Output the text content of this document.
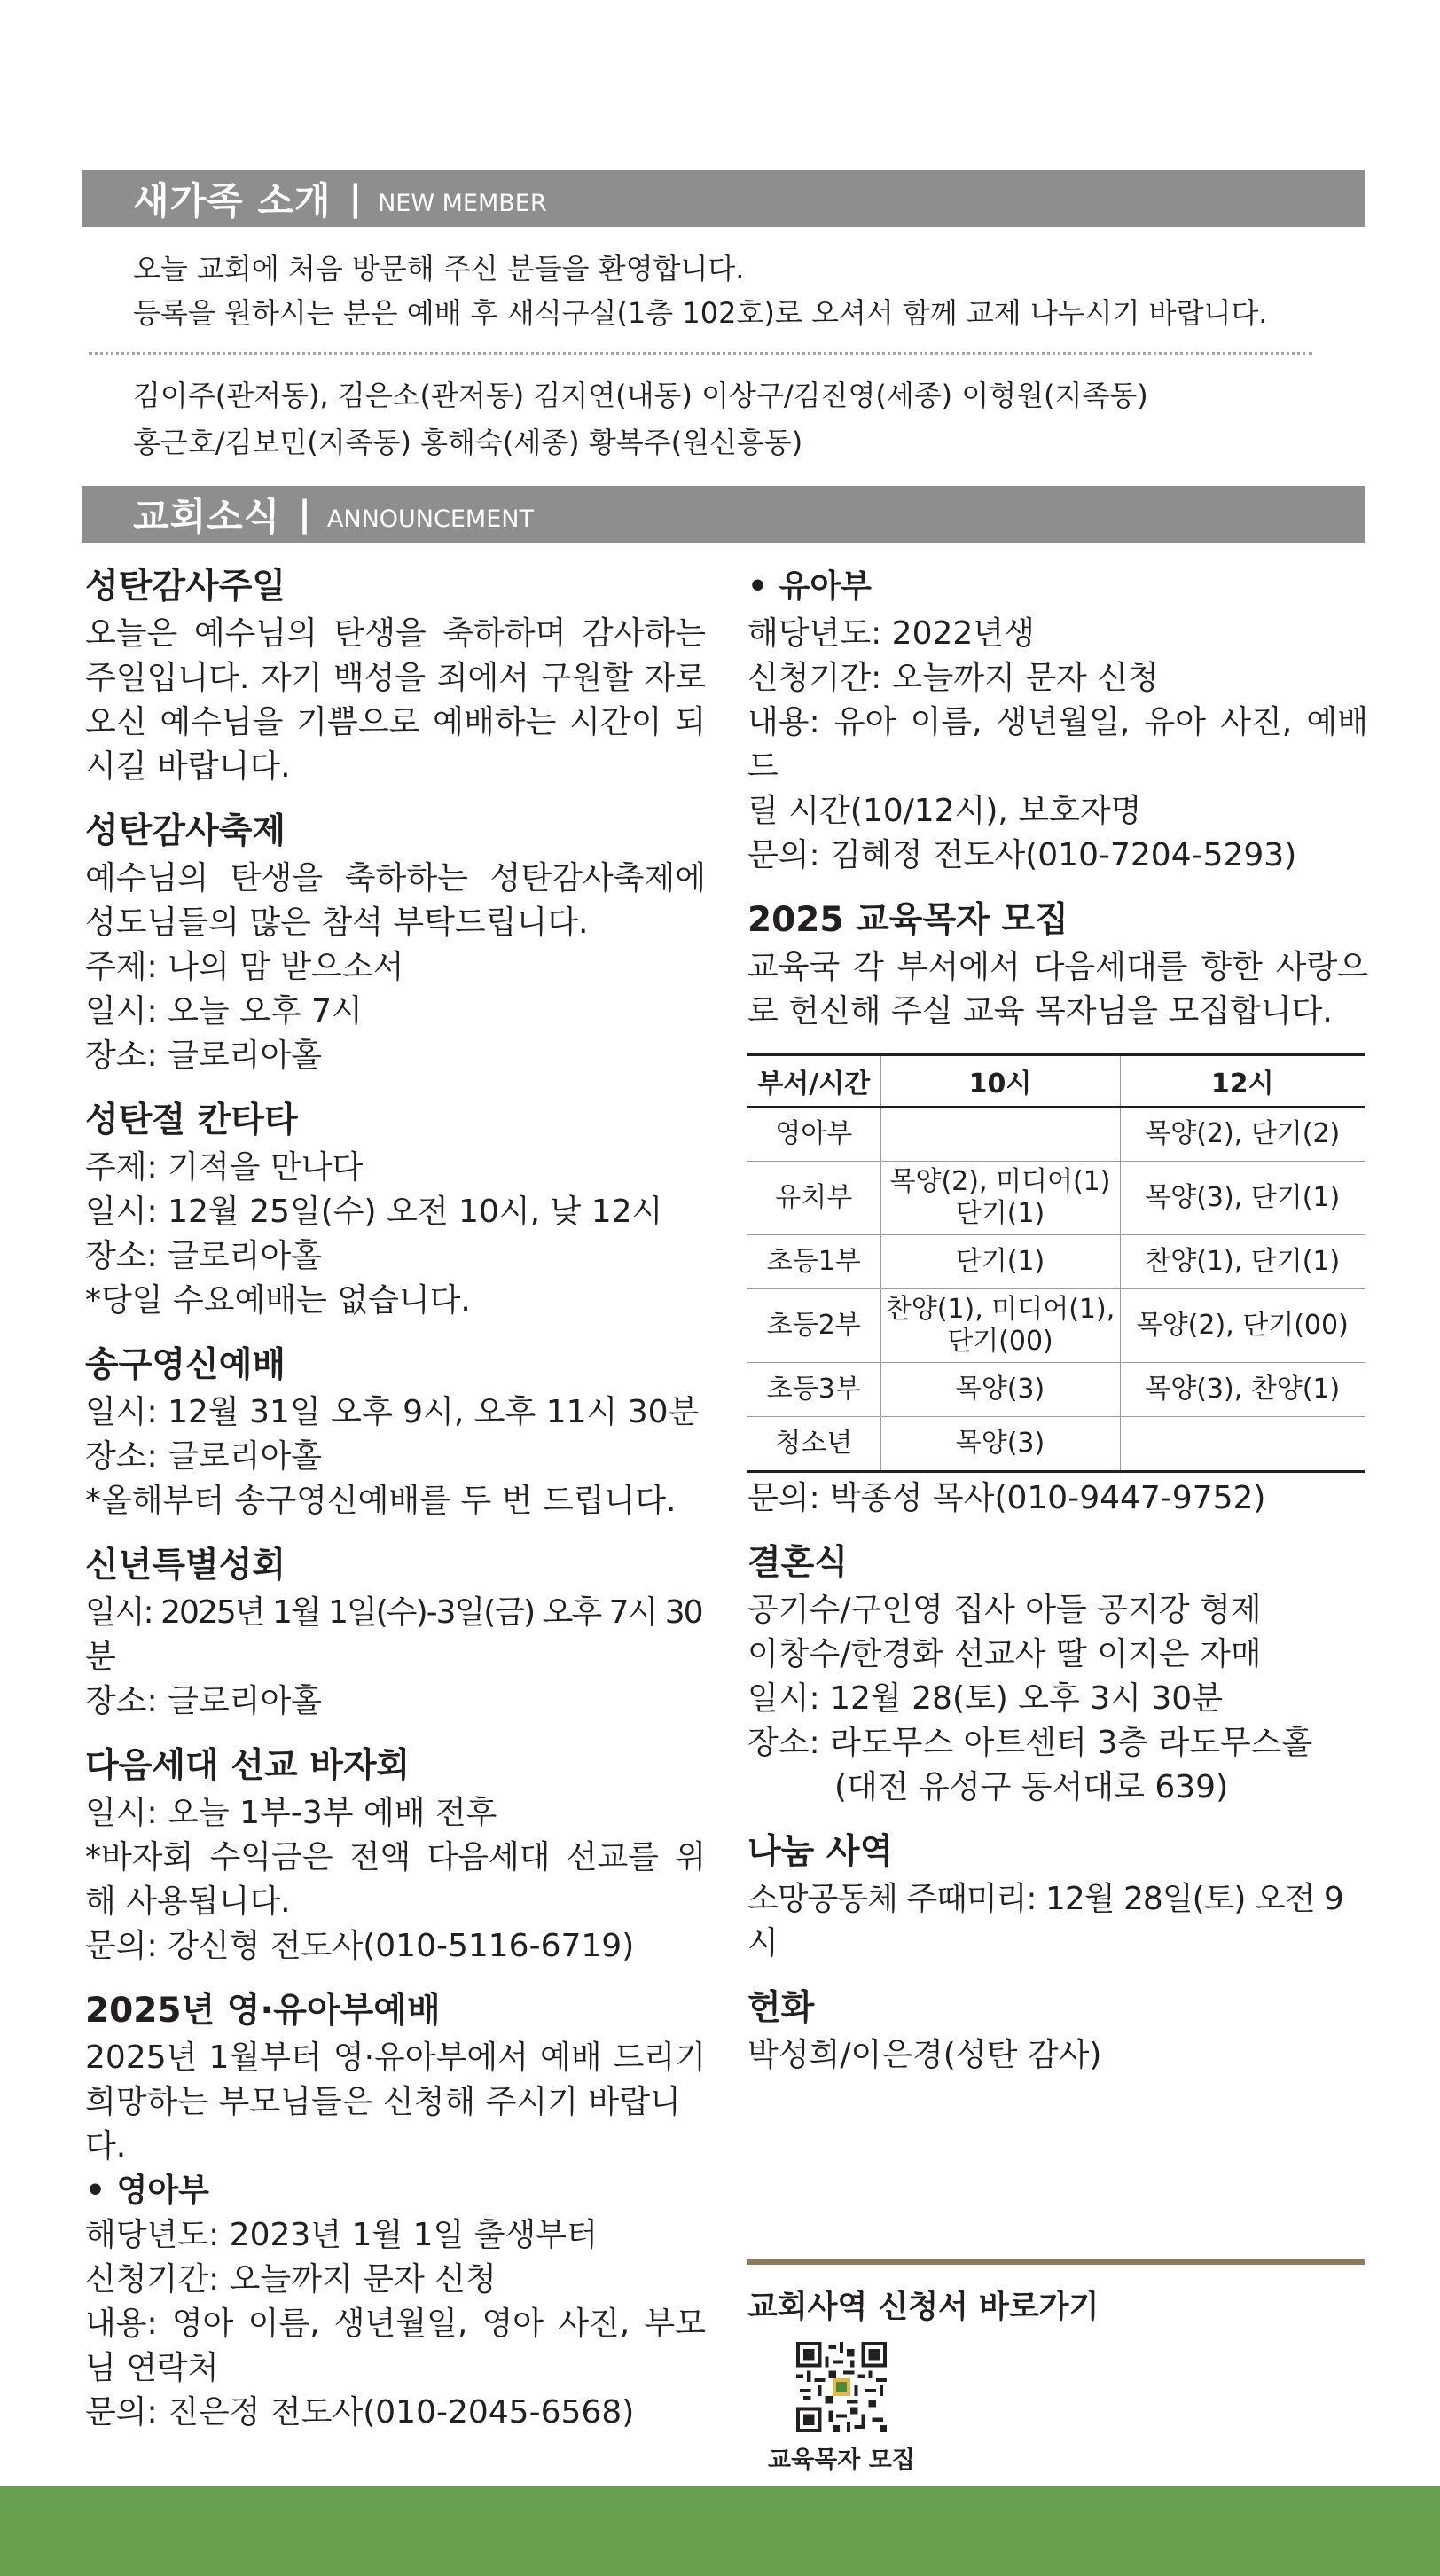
새가족 소개 | NEW MEMBER
오늘 교회에 처음 방문해 주신 분들을 환영합니다.
등록을 원하시는 분은 예배 후 새식구실(1층 102호)로 오셔서 함께 교제 나누시기 바랍니다.
김이주(관저동), 김은소(관저동) 김지연(내동) 이상구/김진영(세종) 이형원(지족동)
홍근호/김보민(지족동) 홍해숙(세종) 황복주(원신흥동)
교회소식 | ANNOUNCEMENT
성탄감사주일

오늘은 예수님의 탄생을 축하하며 감사하는

주일입니다. 자기 백성을 죄에서 구원할 자로

오신 예수님을 기쁨으로 예배하는 시간이 되

시길 바랍니다.

성탄감사축제

예수님의 탄생을 축하하는 성탄감사축제에

성도님들의 많은 참석 부탁드립니다.

주제: 나의 맘 받으소서

일시: 오늘 오후 7시

장소: 글로리아홀

성탄절 칸타타

주제: 기적을 만나다

일시: 12월 25일(수) 오전 10시, 낮 12시

장소: 글로리아홀

*당일 수요예배는 없습니다.

송구영신예배

일시: 12월 31일 오후 9시, 오후 11시 30분

장소: 글로리아홀

*올해부터 송구영신예배를 두 번 드립니다.

신년특별성회

일시: 2025년 1월 1일(수)-3일(금) 오후 7시 30분

장소: 글로리아홀

다음세대 선교 바자회

일시: 오늘 1부-3부 예배 전후

*바자회 수익금은 전액 다음세대 선교를 위

해 사용됩니다.

문의: 강신형 전도사(010-5116-6719)

2025년 영·유아부예배

2025년 1월부터 영·유아부에서 예배 드리기

희망하는 부모님들은 신청해 주시기 바랍니다.

• 영아부

해당년도: 2023년 1월 1일 출생부터

신청기간: 오늘까지 문자 신청

내용: 영아 이름, 생년월일, 영아 사진, 부모

님 연락처

문의: 진은정 전도사(010-2045-6568)

• 유아부

해당년도: 2022년생

신청기간: 오늘까지 문자 신청

내용: 유아 이름, 생년월일, 유아 사진, 예배드

릴 시간(10/12시), 보호자명

문의: 김혜정 전도사(010-7204-5293)

2025 교육목자 모집

교육국 각 부서에서 다음세대를 향한 사랑으

로 헌신해 주실 교육 목자님을 모집합니다.

부서/시간	10시	12시
영아부		목양(2), 단기(2)
유치부	목양(2), 미디어(1)
단기(1)	목양(3), 단기(1)
초등1부	단기(1)	찬양(1), 단기(1)
초등2부	찬양(1), 미디어(1),
단기(00)	목양(2), 단기(00)
초등3부	목양(3)	목양(3), 찬양(1)
청소년	목양(3)	

문의: 박종성 목사(010-9447-9752)

결혼식

공기수/구인영 집사 아들 공지강 형제

이창수/한경화 선교사 딸 이지은 자매

일시: 12월 28(토) 오후 3시 30분

장소: 라도무스 아트센터 3층 라도무스홀

(대전 유성구 동서대로 639)

나눔 사역

소망공동체 주때미리: 12월 28일(토) 오전 9시

헌화

박성희/이은경(성탄 감사)

교회사역 신청서 바로가기
교육목자 모집
